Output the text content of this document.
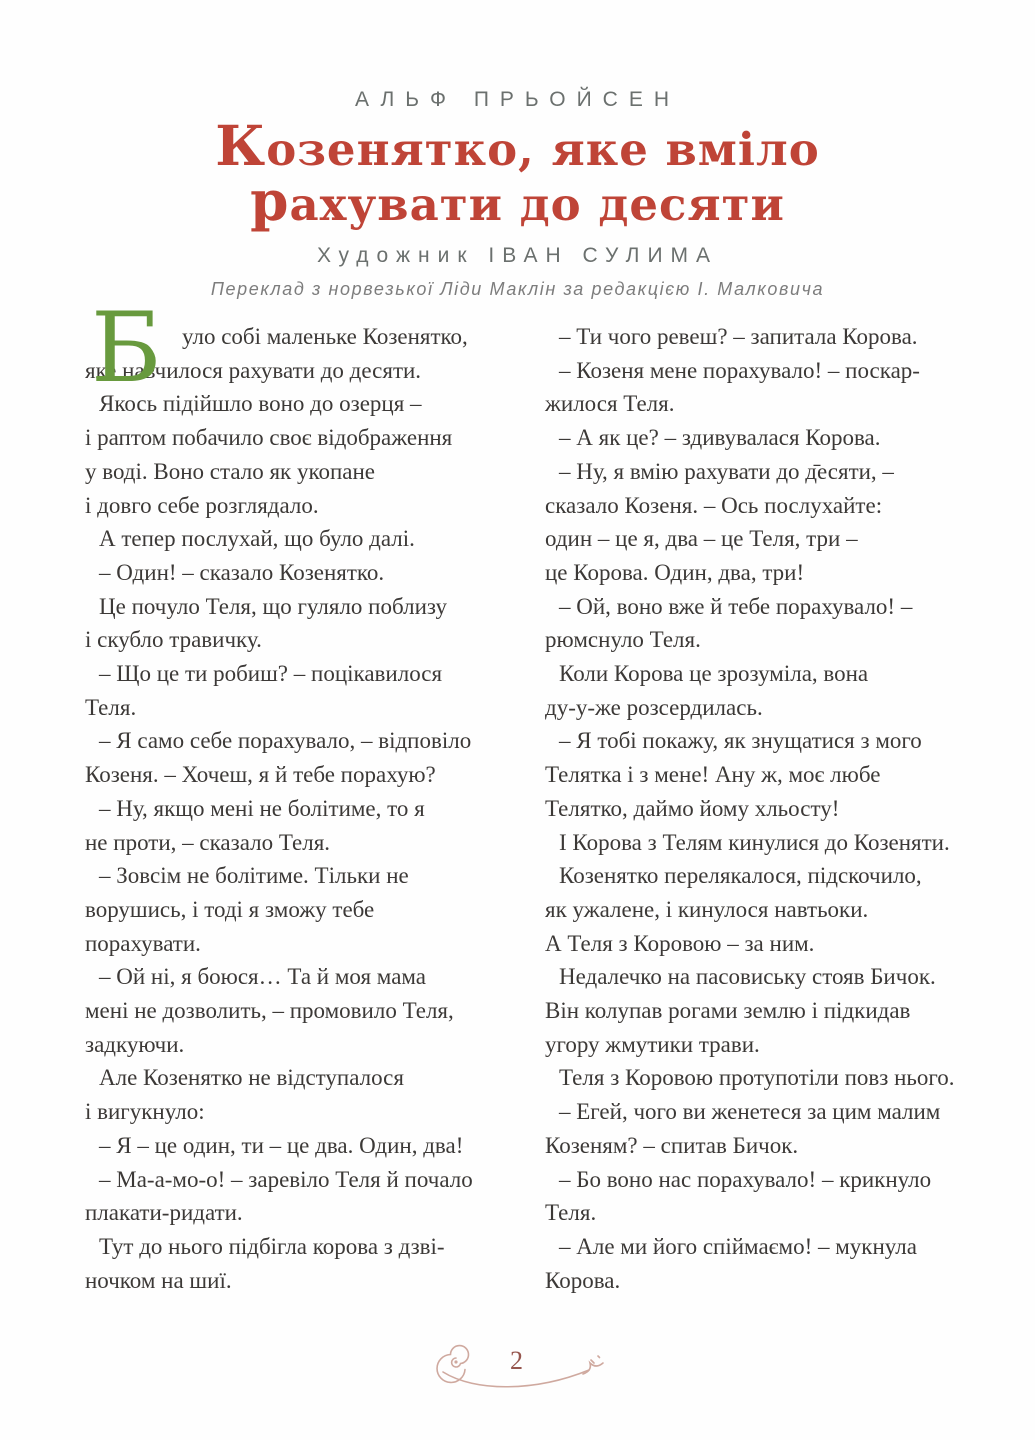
АЛЬФ ПРЬОЙСЕН
Козенятко, яке вміло
рахувати до десяти
Художник ІВАН СУЛИМА
Переклад з норвезької Ліди Маклін за редакцією І. Малковича
Б уло собі маленьке Козенятко,
яке навчилося рахувати до десяти.
Якось підійшло воно до озерця –
і раптом побачило своє відображення
у воді. Воно стало як укопане
і довго себе розглядало.
А тепер послухай, що було далі.
– Один! – сказало Козенятко.
Це почуло Теля, що гуляло поблизу
і скубло травичку.
– Що це ти робиш? – поцікавилося
Теля.
– Я само себе порахувало, – відповіло
Козеня. – Хочеш, я й тебе порахую?
– Ну, якщо мені не болітиме, то я
не проти, – сказало Теля.
– Зовсім не болітиме. Тільки не
ворушись, і тоді я зможу тебе
порахувати.
– Ой ні, я боюся… Та й моя мама
мені не дозволить, – промовило Теля,
задкуючи.
Але Козенятко не відступалося
і вигукнуло:
– Я – це один, ти – це два. Один, два!
– Ма-а-мо-о! – заревіло Теля й почало
плакати-ридати.
Тут до нього підбігла корова з дзві-
ночком на шиї.
– Ти чого ревеш? – запитала Корова.
– Козеня мене порахувало! – поскар-
жилося Теля.
– А як це? – здивувалася Корова.
– Ну, я вмію рахувати до д̄есяти, –
сказало Козеня. – Ось послухайте:
один – це я, два – це Теля, три –
це Корова. Один, два, три!
– Ой, воно вже й тебе порахувало! –
рюмснуло Теля.
Коли Корова це зрозуміла, вона
ду-у-же розсердилась.
– Я тобі покажу, як знущатися з мого
Телятка і з мене! Ану ж, моє любе
Телятко, даймо йому хльосту!
І Корова з Телям кинулися до Козеняти.
Козенятко перелякалося, підскочило,
як ужалене, і кинулося навтьоки.
А Теля з Коровою – за ним.
Недалечко на пасовиську стояв Бичок.
Він колупав рогами землю і підкидав
угору жмутики трави.
Теля з Коровою протупотіли повз нього.
– Егей, чого ви женетеся за цим малим
Козеням? – спитав Бичок.
– Бо воно нас порахувало! – крикнуло
Теля.
– Але ми його спіймаємо! – мукнула
Корова.
2
